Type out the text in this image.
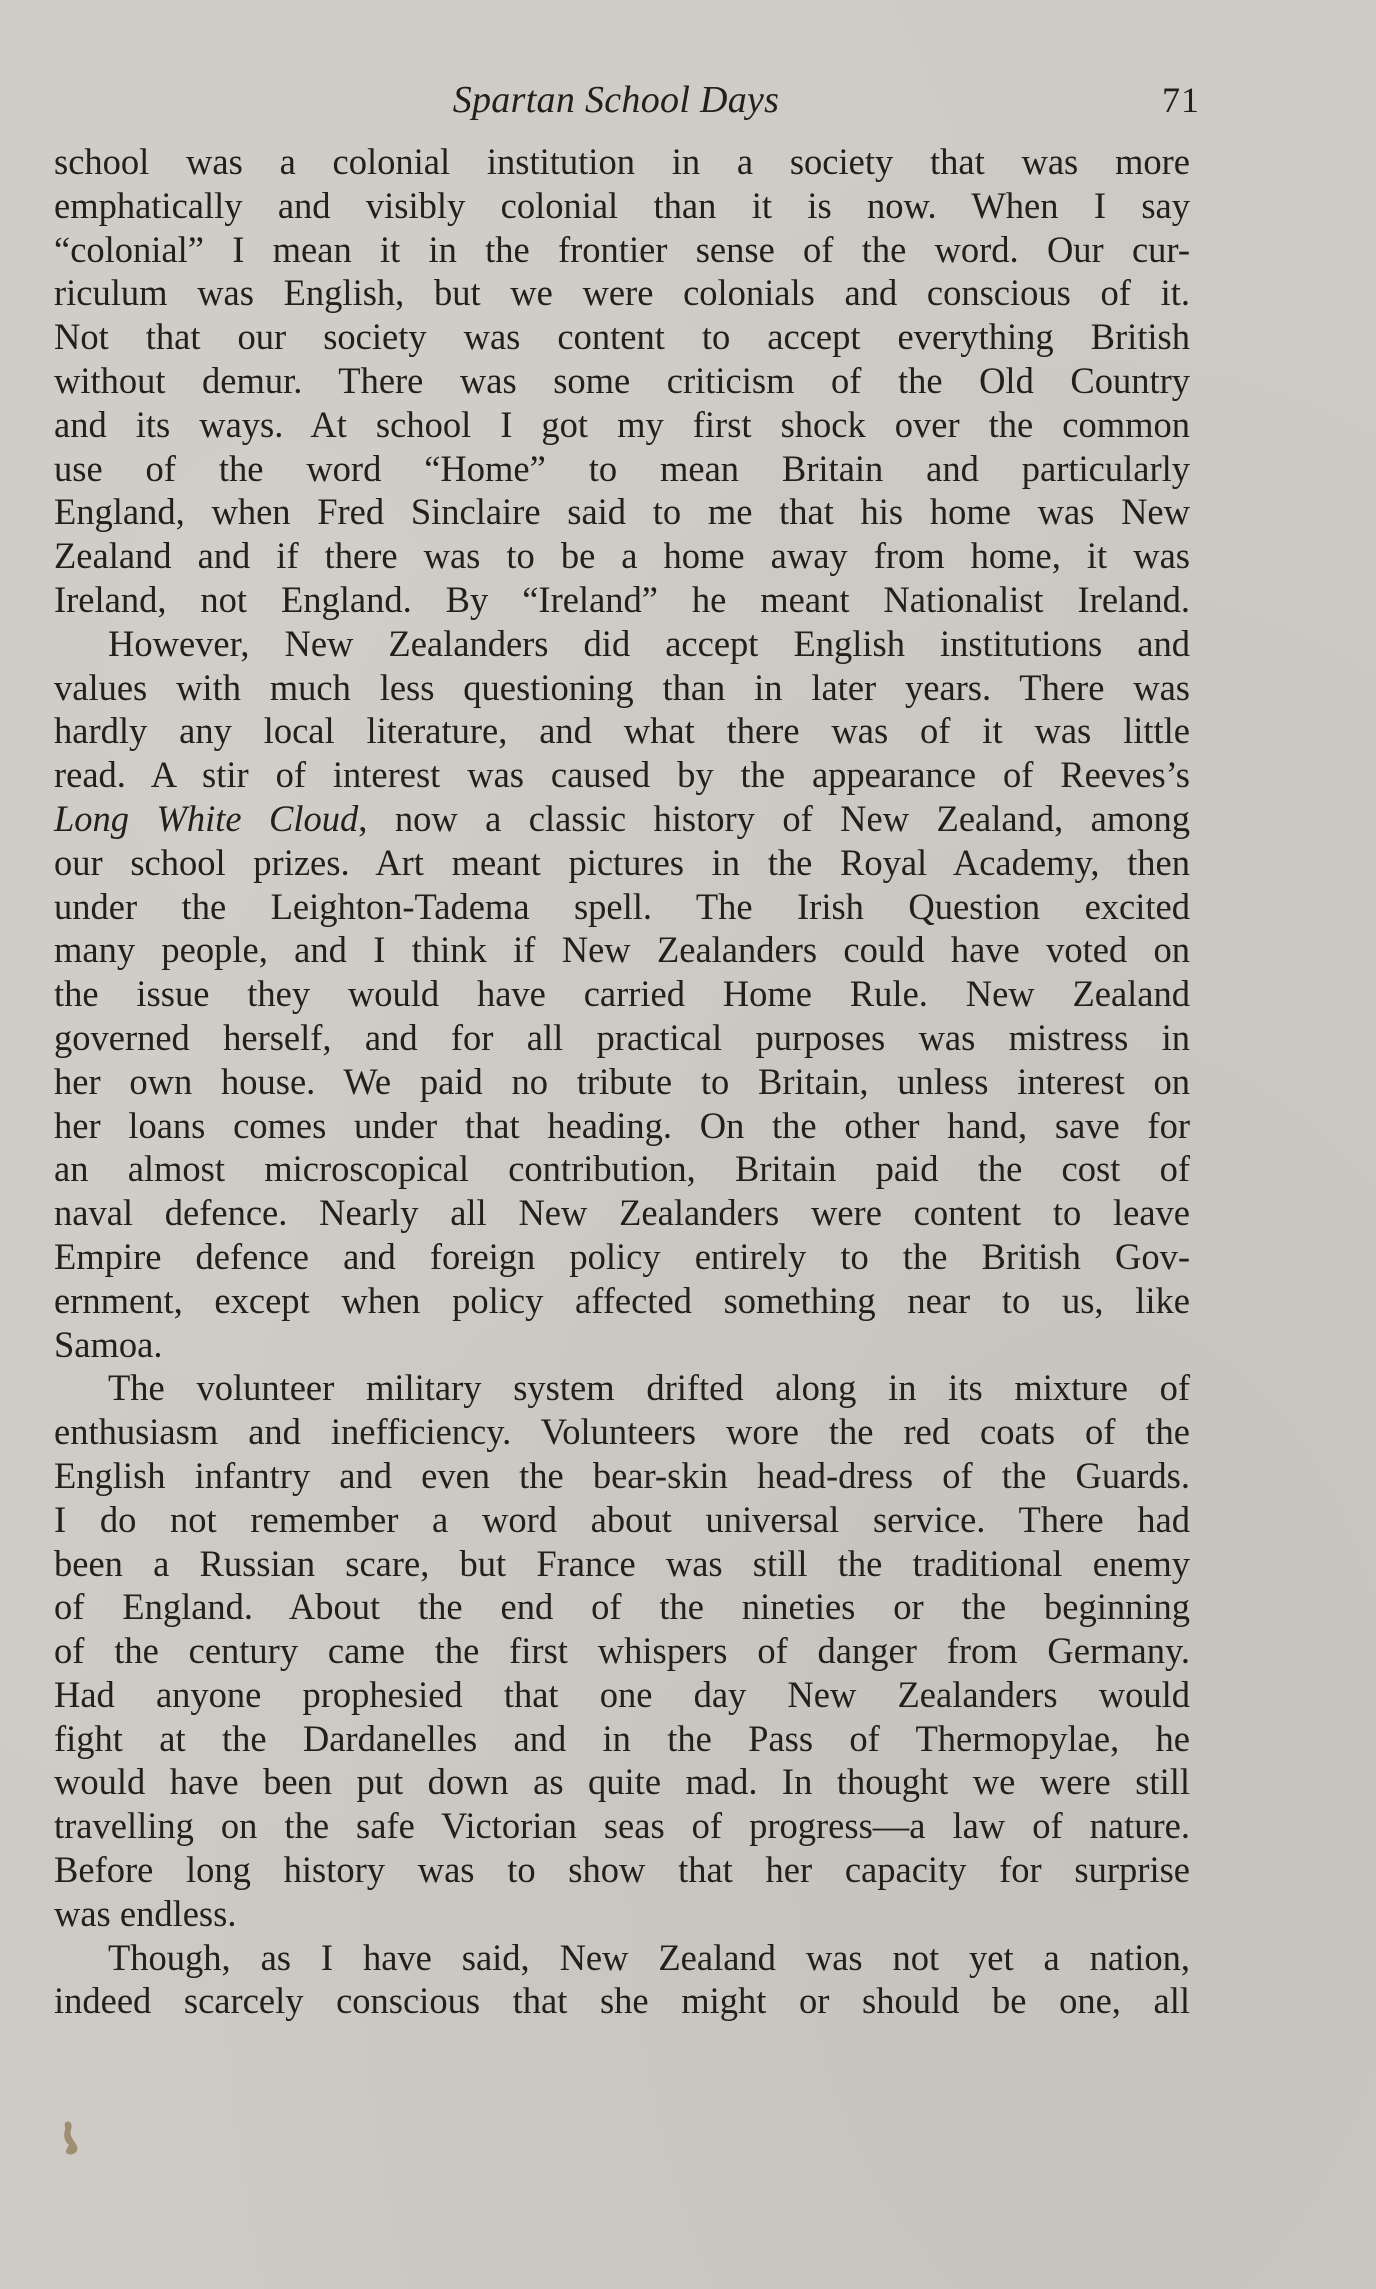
Spartan School Days	71
school was a colonial institution in a society that was more
emphatically and visibly colonial than it is now. When I say
“colonial” I mean it in the frontier sense of the word. Our cur-
riculum was English, but we were colonials and conscious of it.
Not that our society was content to accept everything British
without demur. There was some criticism of the Old Country
and its ways. At school I got my first shock over the common
use of the word “Home” to mean Britain and particularly
England, when Fred Sinclaire said to me that his home was New
Zealand and if there was to be a home away from home, it was
Ireland, not England. By “Ireland” he meant Nationalist Ireland.
However, New Zealanders did accept English institutions and
values with much less questioning than in later years. There was
hardly any local literature, and what there was of it was little
read. A stir of interest was caused by the appearance of Reeves’s
Long White Cloud, now a classic history of New Zealand, among
our school prizes. Art meant pictures in the Royal Academy, then
under the Leighton-Tadema spell. The Irish Question excited
many people, and I think if New Zealanders could have voted on
the issue they would have carried Home Rule. New Zealand
governed herself, and for all practical purposes was mistress in
her own house. We paid no tribute to Britain, unless interest on
her loans comes under that heading. On the other hand, save for
an almost microscopical contribution, Britain paid the cost of
naval defence. Nearly all New Zealanders were content to leave
Empire defence and foreign policy entirely to the British Gov-
ernment, except when policy affected something near to us, like
Samoa.
The volunteer military system drifted along in its mixture of
enthusiasm and inefficiency. Volunteers wore the red coats of the
English infantry and even the bear-skin head-dress of the Guards.
I do not remember a word about universal service. There had
been a Russian scare, but France was still the traditional enemy
of England. About the end of the nineties or the beginning
of the century came the first whispers of danger from Germany.
Had anyone prophesied that one day New Zealanders would
fight at the Dardanelles and in the Pass of Thermopylae, he
would have been put down as quite mad. In thought we were still
travelling on the safe Victorian seas of progress—a law of nature.
Before long history was to show that her capacity for surprise
was endless.
Though, as I have said, New Zealand was not yet a nation,
indeed scarcely conscious that she might or should be one, all
